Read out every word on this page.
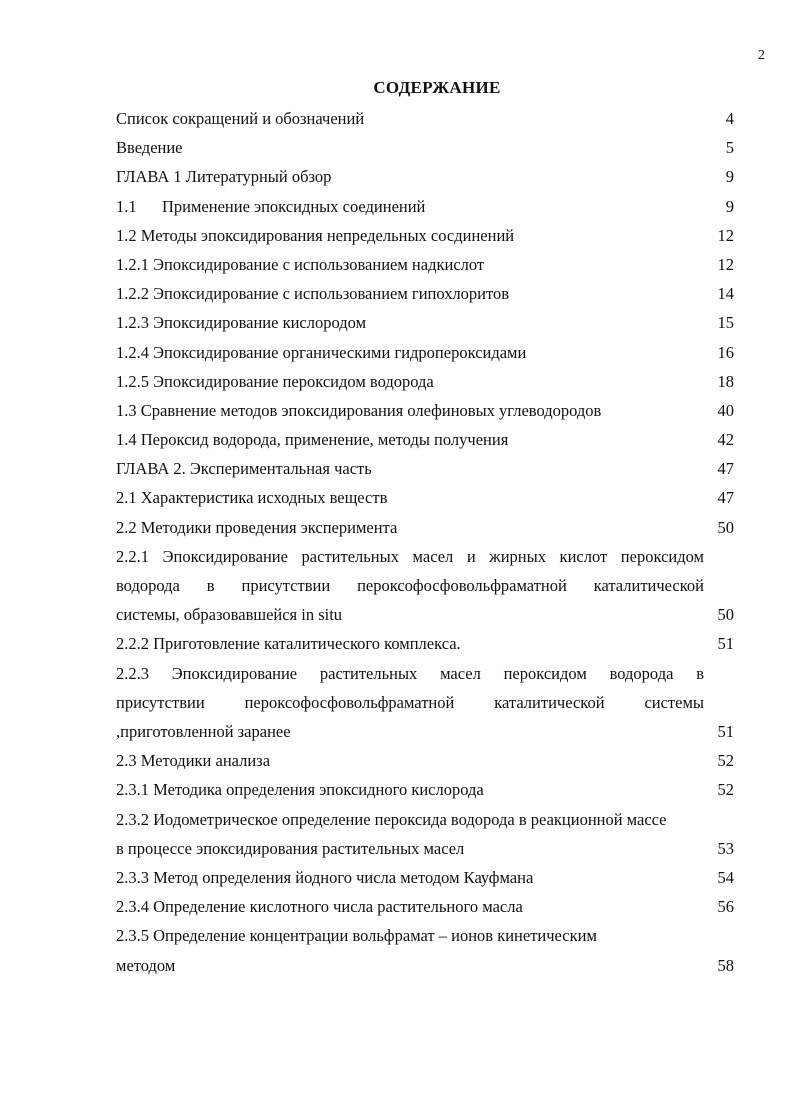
2
СОДЕРЖАНИЕ
Список сокращений и обозначений	4
Введение	5
ГЛАВА 1 Литературный обзор	9
1.1 Применение эпоксидных соединений	9
1.2 Методы эпоксидирования непредельных сосдинений	12
1.2.1 Эпоксидирование с использованием надкислот	12
1.2.2 Эпоксидирование с использованием гипохлоритов	14
1.2.3 Эпоксидирование кислородом	15
1.2.4 Эпоксидирование органическими гидропероксидами	16
1.2.5 Эпоксидирование пероксидом водорода	18
1.3 Сравнение методов эпоксидирования олефиновых углеводородов	40
1.4 Пероксид водорода, применение, методы получения	42
ГЛАВА 2. Экспериментальная часть	47
2.1 Характеристика исходных веществ	47
2.2 Методики проведения эксперимента	50
2.2.1 Эпоксидирование растительных масел и жирных кислот пероксидом
водорода в присутствии пероксофосфовольфраматной каталитической
системы, образовавшейся in situ	50
2.2.2 Приготовление каталитического комплекса.	51
2.2.3 Эпоксидирование растительных масел пероксидом водорода в
присутствии пероксофосфовольфраматной каталитической системы
,приготовленной заранее	51
2.3 Методики анализа	52
2.3.1 Методика определения эпоксидного кислорода	52
2.3.2 Иодометрическое определение пероксида водорода в реакционной массе
в процессе эпоксидирования растительных масел	53
2.3.3 Метод определения йодного числа методом Кауфмана	54
2.3.4 Определение кислотного числа растительного масла	56
2.3.5 Определение концентрации вольфрамат – ионов кинетическим
методом	58
